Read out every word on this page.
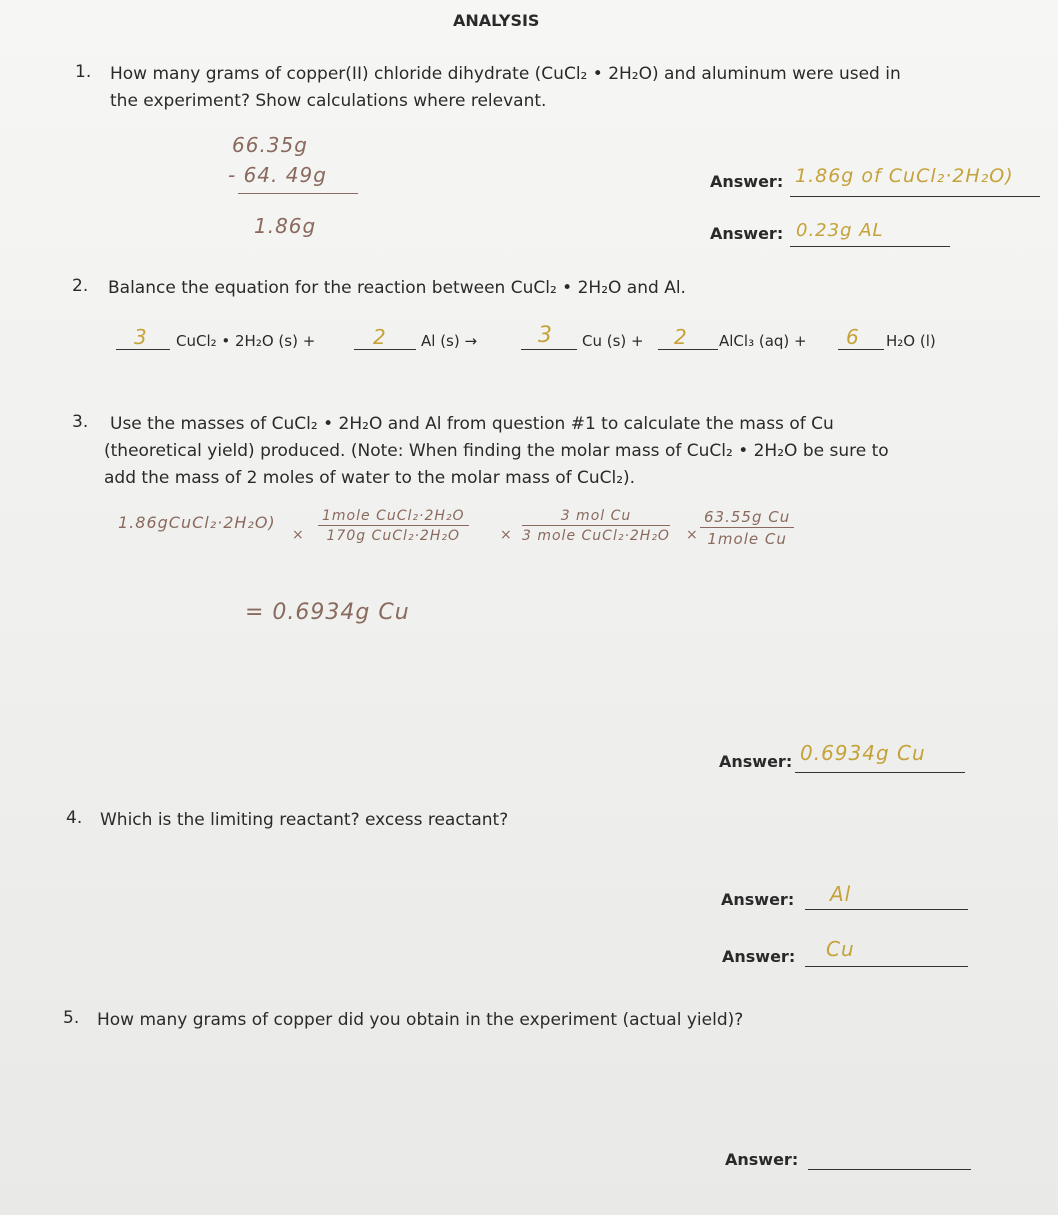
ANALYSIS
1. How many grams of copper(II) chloride dihydrate (CuCl₂ • 2H₂O) and aluminum were used in
the experiment? Show calculations where relevant.
66.35g
- 64. 49g
1.86g
Answer: 1.86g of CuCl₂·2H₂O)
Answer: 0.23g AL
2. Balance the equation for the reaction between CuCl₂ • 2H₂O and Al.
3 CuCl₂ • 2H₂O (s) +	2 Al (s) →	3 Cu (s) + 2 AlCl₃ (aq) + 6 H₂O (l)
3. Use the masses of CuCl₂ • 2H₂O and Al from question #1 to calculate the mass of Cu
(theoretical yield) produced. (Note: When finding the molar mass of CuCl₂ • 2H₂O be sure to
add the mass of 2 moles of water to the molar mass of CuCl₂).
1.86gCuCl₂·2H₂O)
×
1mole CuCl₂·2H₂O
170g CuCl₂·2H₂O	×
3 mol Cu
3 mole CuCl₂·2H₂O ×
63.55g Cu
1mole Cu
= 0.6934g Cu
Answer: 0.6934g Cu
4. Which is the limiting reactant? excess reactant?
Answer: Al
Answer: Cu
5. How many grams of copper did you obtain in the experiment (actual yield)?
Answer:
